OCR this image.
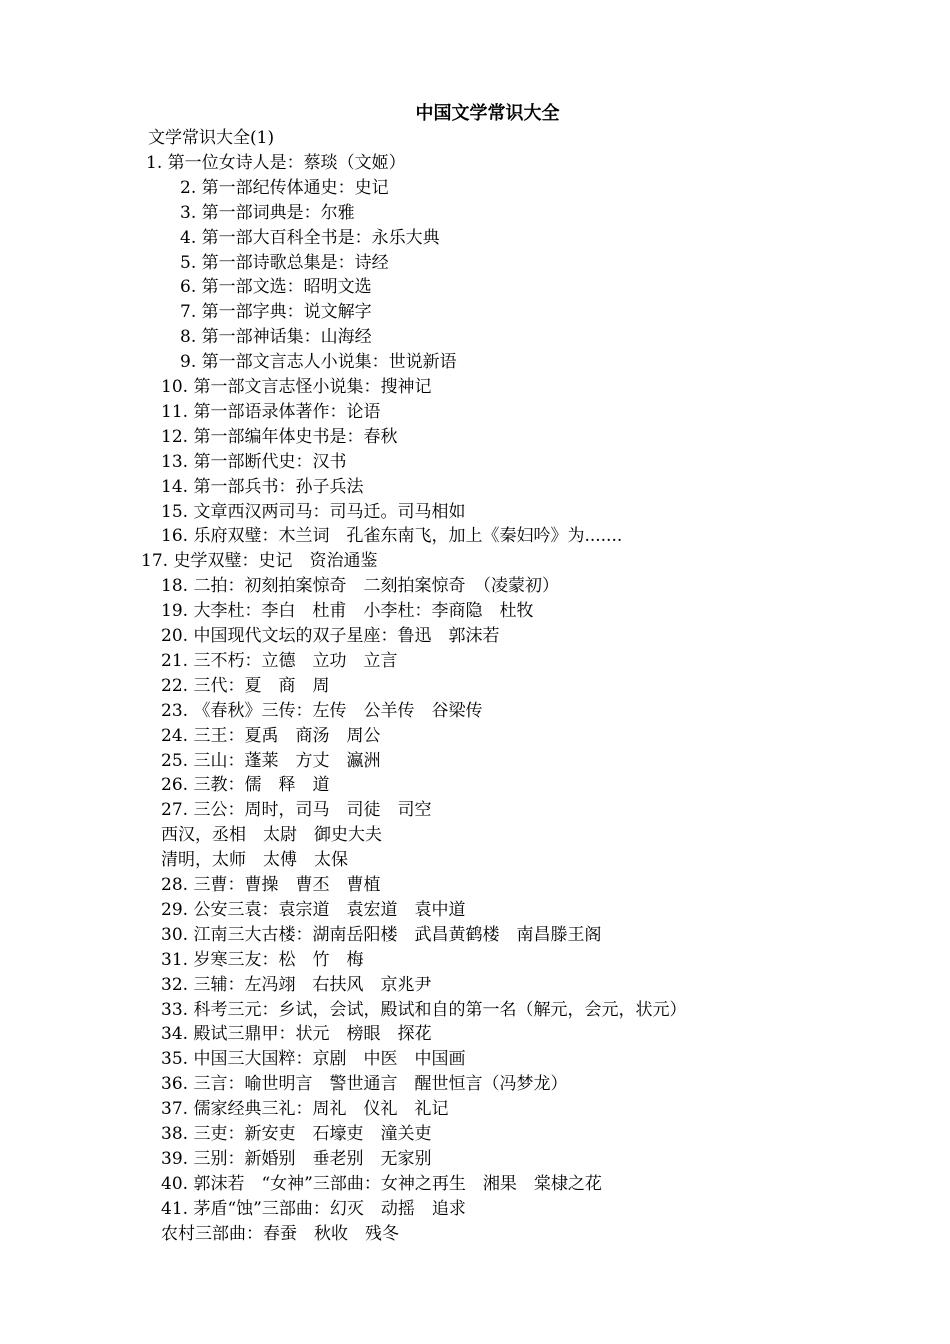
中国文学常识大全
文学常识大全(1)
1. 第一位女诗人是：蔡琰（文姬）
2. 第一部纪传体通史：史记
3. 第一部词典是：尔雅
4. 第一部大百科全书是：永乐大典
5. 第一部诗歌总集是：诗经
6. 第一部文选：昭明文选
7. 第一部字典：说文解字
8. 第一部神话集：山海经
9. 第一部文言志人小说集：世说新语
10. 第一部文言志怪小说集：搜神记
11. 第一部语录体著作：论语
12. 第一部编年体史书是：春秋
13. 第一部断代史：汉书
14. 第一部兵书：孙子兵法
15. 文章西汉两司马：司马迁。司马相如
16. 乐府双璧：木兰词　孔雀东南飞，加上《秦妇吟》为.......
17. 史学双璧：史记　资治通鉴
18. 二拍：初刻拍案惊奇　二刻拍案惊奇　（凌蒙初）
19. 大李杜：李白　杜甫　小李杜：李商隐　杜牧
20. 中国现代文坛的双子星座：鲁迅　郭沫若
21. 三不朽：立德　立功　立言
22. 三代：夏　商　周
23. 《春秋》三传：左传　公羊传　谷梁传
24. 三王：夏禹　商汤　周公
25. 三山：蓬莱　方丈　瀛洲
26. 三教：儒　释　道
27. 三公：周时，司马　司徒　司空
西汉，丞相　太尉　御史大夫
清明，太师　太傅　太保
28. 三曹：曹操　曹丕　曹植
29. 公安三袁：袁宗道　袁宏道　袁中道
30. 江南三大古楼：湖南岳阳楼　武昌黄鹤楼　南昌滕王阁
31. 岁寒三友：松　竹　梅
32. 三辅：左冯翊　右扶风　京兆尹
33. 科考三元：乡试，会试，殿试和自的第一名（解元，会元，状元）
34. 殿试三鼎甲：状元　榜眼　探花
35. 中国三大国粹：京剧　中医　中国画
36. 三言：喻世明言　警世通言　醒世恒言（冯梦龙）
37. 儒家经典三礼：周礼　仪礼　礼记
38. 三吏：新安吏　石壕吏　潼关吏
39. 三别：新婚别　垂老别　无家别
40. 郭沫若　“女神”三部曲：女神之再生　湘果　棠棣之花
41. 茅盾“蚀”三部曲：幻灭　动摇　追求
农村三部曲：春蚕　秋收　残冬
